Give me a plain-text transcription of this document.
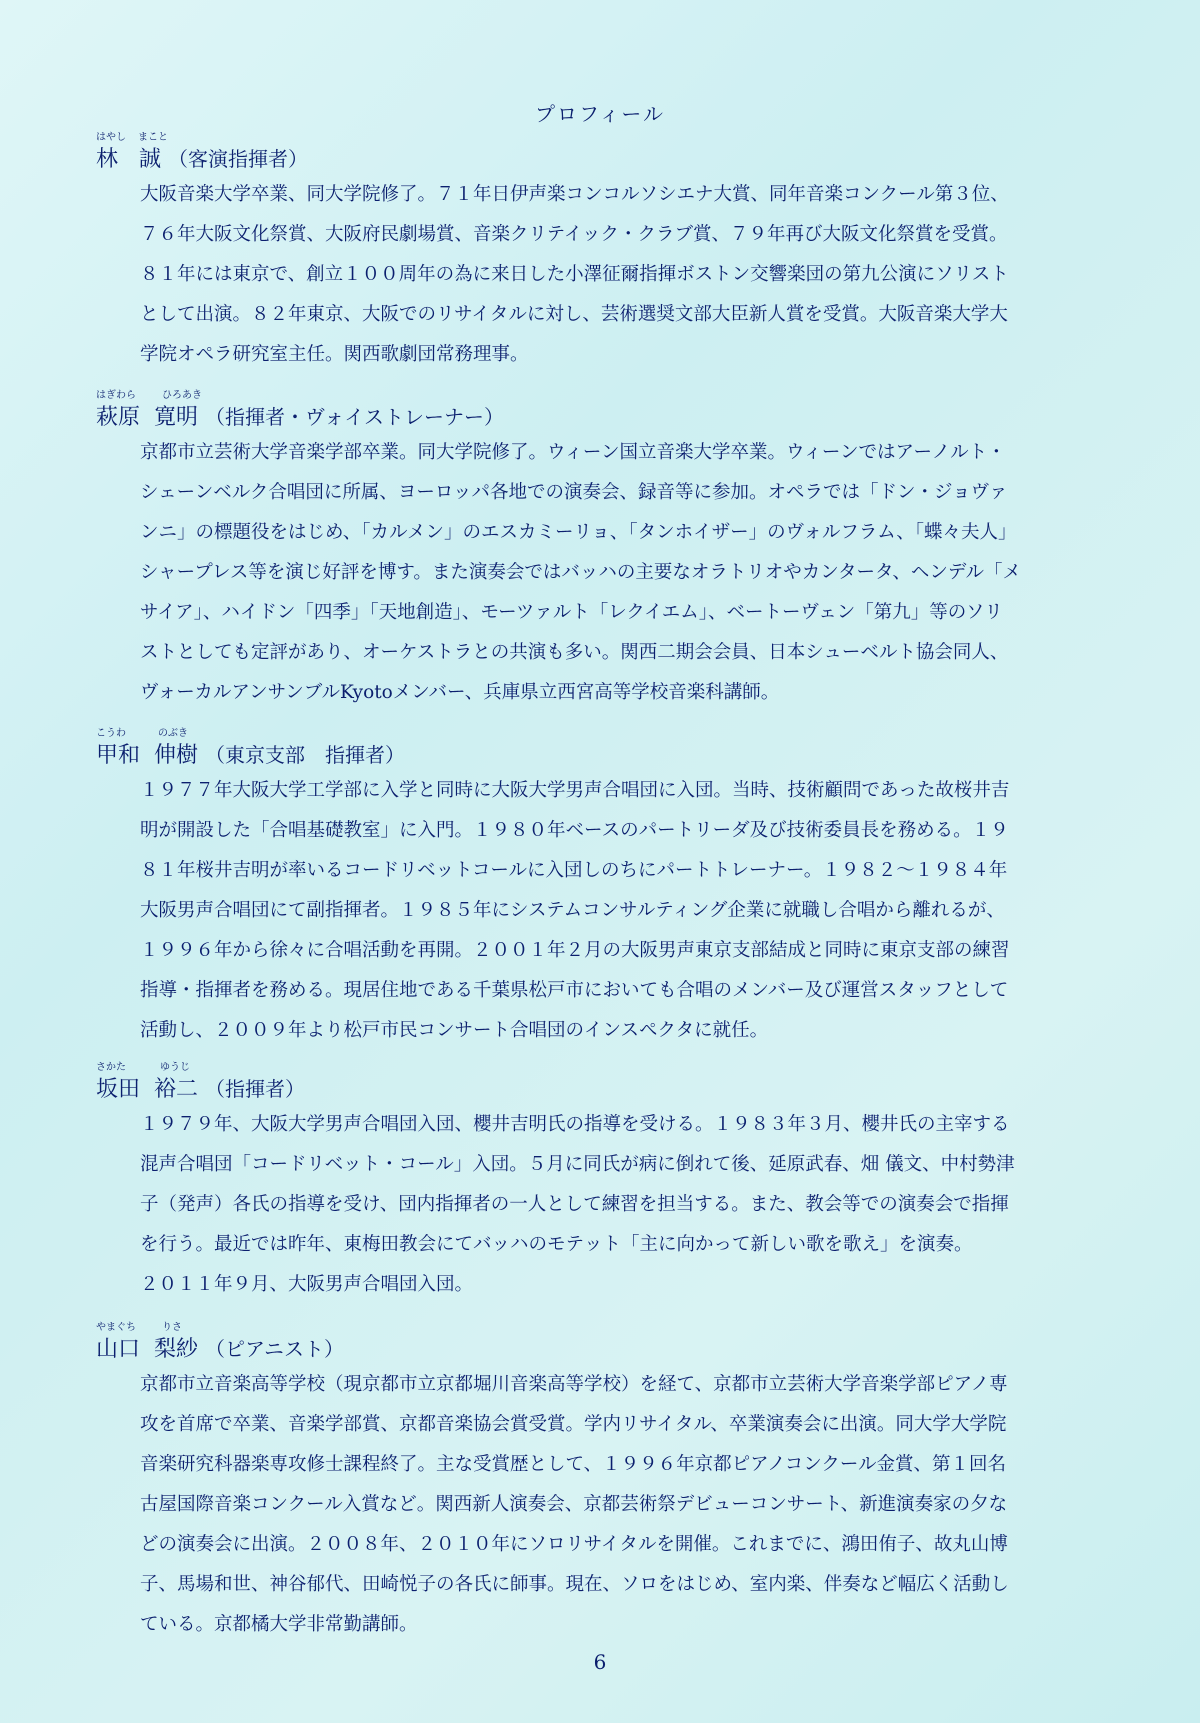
プロフィール
はやし まこと
林 誠 （客演指揮者）
大阪音楽大学卒業、同大学院修了。７１年日伊声楽コンコルソシエナ大賞、同年音楽コンクール第３位、
７６年大阪文化祭賞、大阪府民劇場賞、音楽クリテイック・クラブ賞、７９年再び大阪文化祭賞を受賞。
８１年には東京で、創立１００周年の為に来日した小澤征爾指揮ボストン交響楽団の第九公演にソリスト
として出演。８２年東京、大阪でのリサイタルに対し、芸術選奨文部大臣新人賞を受賞。大阪音楽大学大
学院オペラ研究室主任。関西歌劇団常務理事。
はぎわら	ひろあき
萩原 寛明 （指揮者・ヴォイストレーナー）
京都市立芸術大学音楽学部卒業。同大学院修了。ウィーン国立音楽大学卒業。ウィーンではアーノルト・
シェーンベルク合唱団に所属、ヨーロッパ各地での演奏会、録音等に参加。オペラでは「ドン・ジョヴァ
ンニ」の標題役をはじめ、「カルメン」のエスカミーリョ、「タンホイザー」のヴォルフラム、「蝶々夫人」
シャープレス等を演じ好評を博す。また演奏会ではバッハの主要なオラトリオやカンタータ、ヘンデル「メ
サイア」、ハイドン「四季」「天地創造」、モーツァルト「レクイエム」、ベートーヴェン「第九」等のソリ
ストとしても定評があり、オーケストラとの共演も多い。関西二期会会員、日本シューベルト協会同人、
ヴォーカルアンサンブルKyotoメンバー、兵庫県立西宮高等学校音楽科講師。
こうわ	のぶき
甲和 伸樹 （東京支部　指揮者）
１９７７年大阪大学工学部に入学と同時に大阪大学男声合唱団に入団。当時、技術顧問であった故桜井吉
明が開設した「合唱基礎教室」に入門。１９８０年ベースのパートリーダ及び技術委員長を務める。１９
８１年桜井吉明が率いるコードリベットコールに入団しのちにパートトレーナー。１９８２～１９８４年
大阪男声合唱団にて副指揮者。１９８５年にシステムコンサルティング企業に就職し合唱から離れるが、
１９９６年から徐々に合唱活動を再開。２００１年２月の大阪男声東京支部結成と同時に東京支部の練習
指導・指揮者を務める。現居住地である千葉県松戸市においても合唱のメンバー及び運営スタッフとして
活動し、２００９年より松戸市民コンサート合唱団のインスペクタに就任。
さかた	ゆうじ
坂田 裕二 （指揮者）
１９７９年、大阪大学男声合唱団入団、櫻井吉明氏の指導を受ける。１９８３年３月、櫻井氏の主宰する
混声合唱団「コードリベット・コール」入団。５月に同氏が病に倒れて後、延原武春、畑 儀文、中村勢津
子（発声）各氏の指導を受け、団内指揮者の一人として練習を担当する。また、教会等での演奏会で指揮
を行う。最近では昨年、東梅田教会にてバッハのモテット「主に向かって新しい歌を歌え」を演奏。
２０１１年９月、大阪男声合唱団入団。
やまぐち	りさ
山口 梨紗 （ピアニスト）
京都市立音楽高等学校（現京都市立京都堀川音楽高等学校）を経て、京都市立芸術大学音楽学部ピアノ専
攻を首席で卒業、音楽学部賞、京都音楽協会賞受賞。学内リサイタル、卒業演奏会に出演。同大学大学院
音楽研究科器楽専攻修士課程終了。主な受賞歴として、１９９６年京都ピアノコンクール金賞、第１回名
古屋国際音楽コンクール入賞など。関西新人演奏会、京都芸術祭デビューコンサート、新進演奏家の夕な
どの演奏会に出演。２００８年、２０１０年にソロリサイタルを開催。これまでに、鴻田侑子、故丸山博
子、馬場和世、神谷郁代、田崎悦子の各氏に師事。現在、ソロをはじめ、室内楽、伴奏など幅広く活動し
ている。京都橘大学非常勤講師。
6
